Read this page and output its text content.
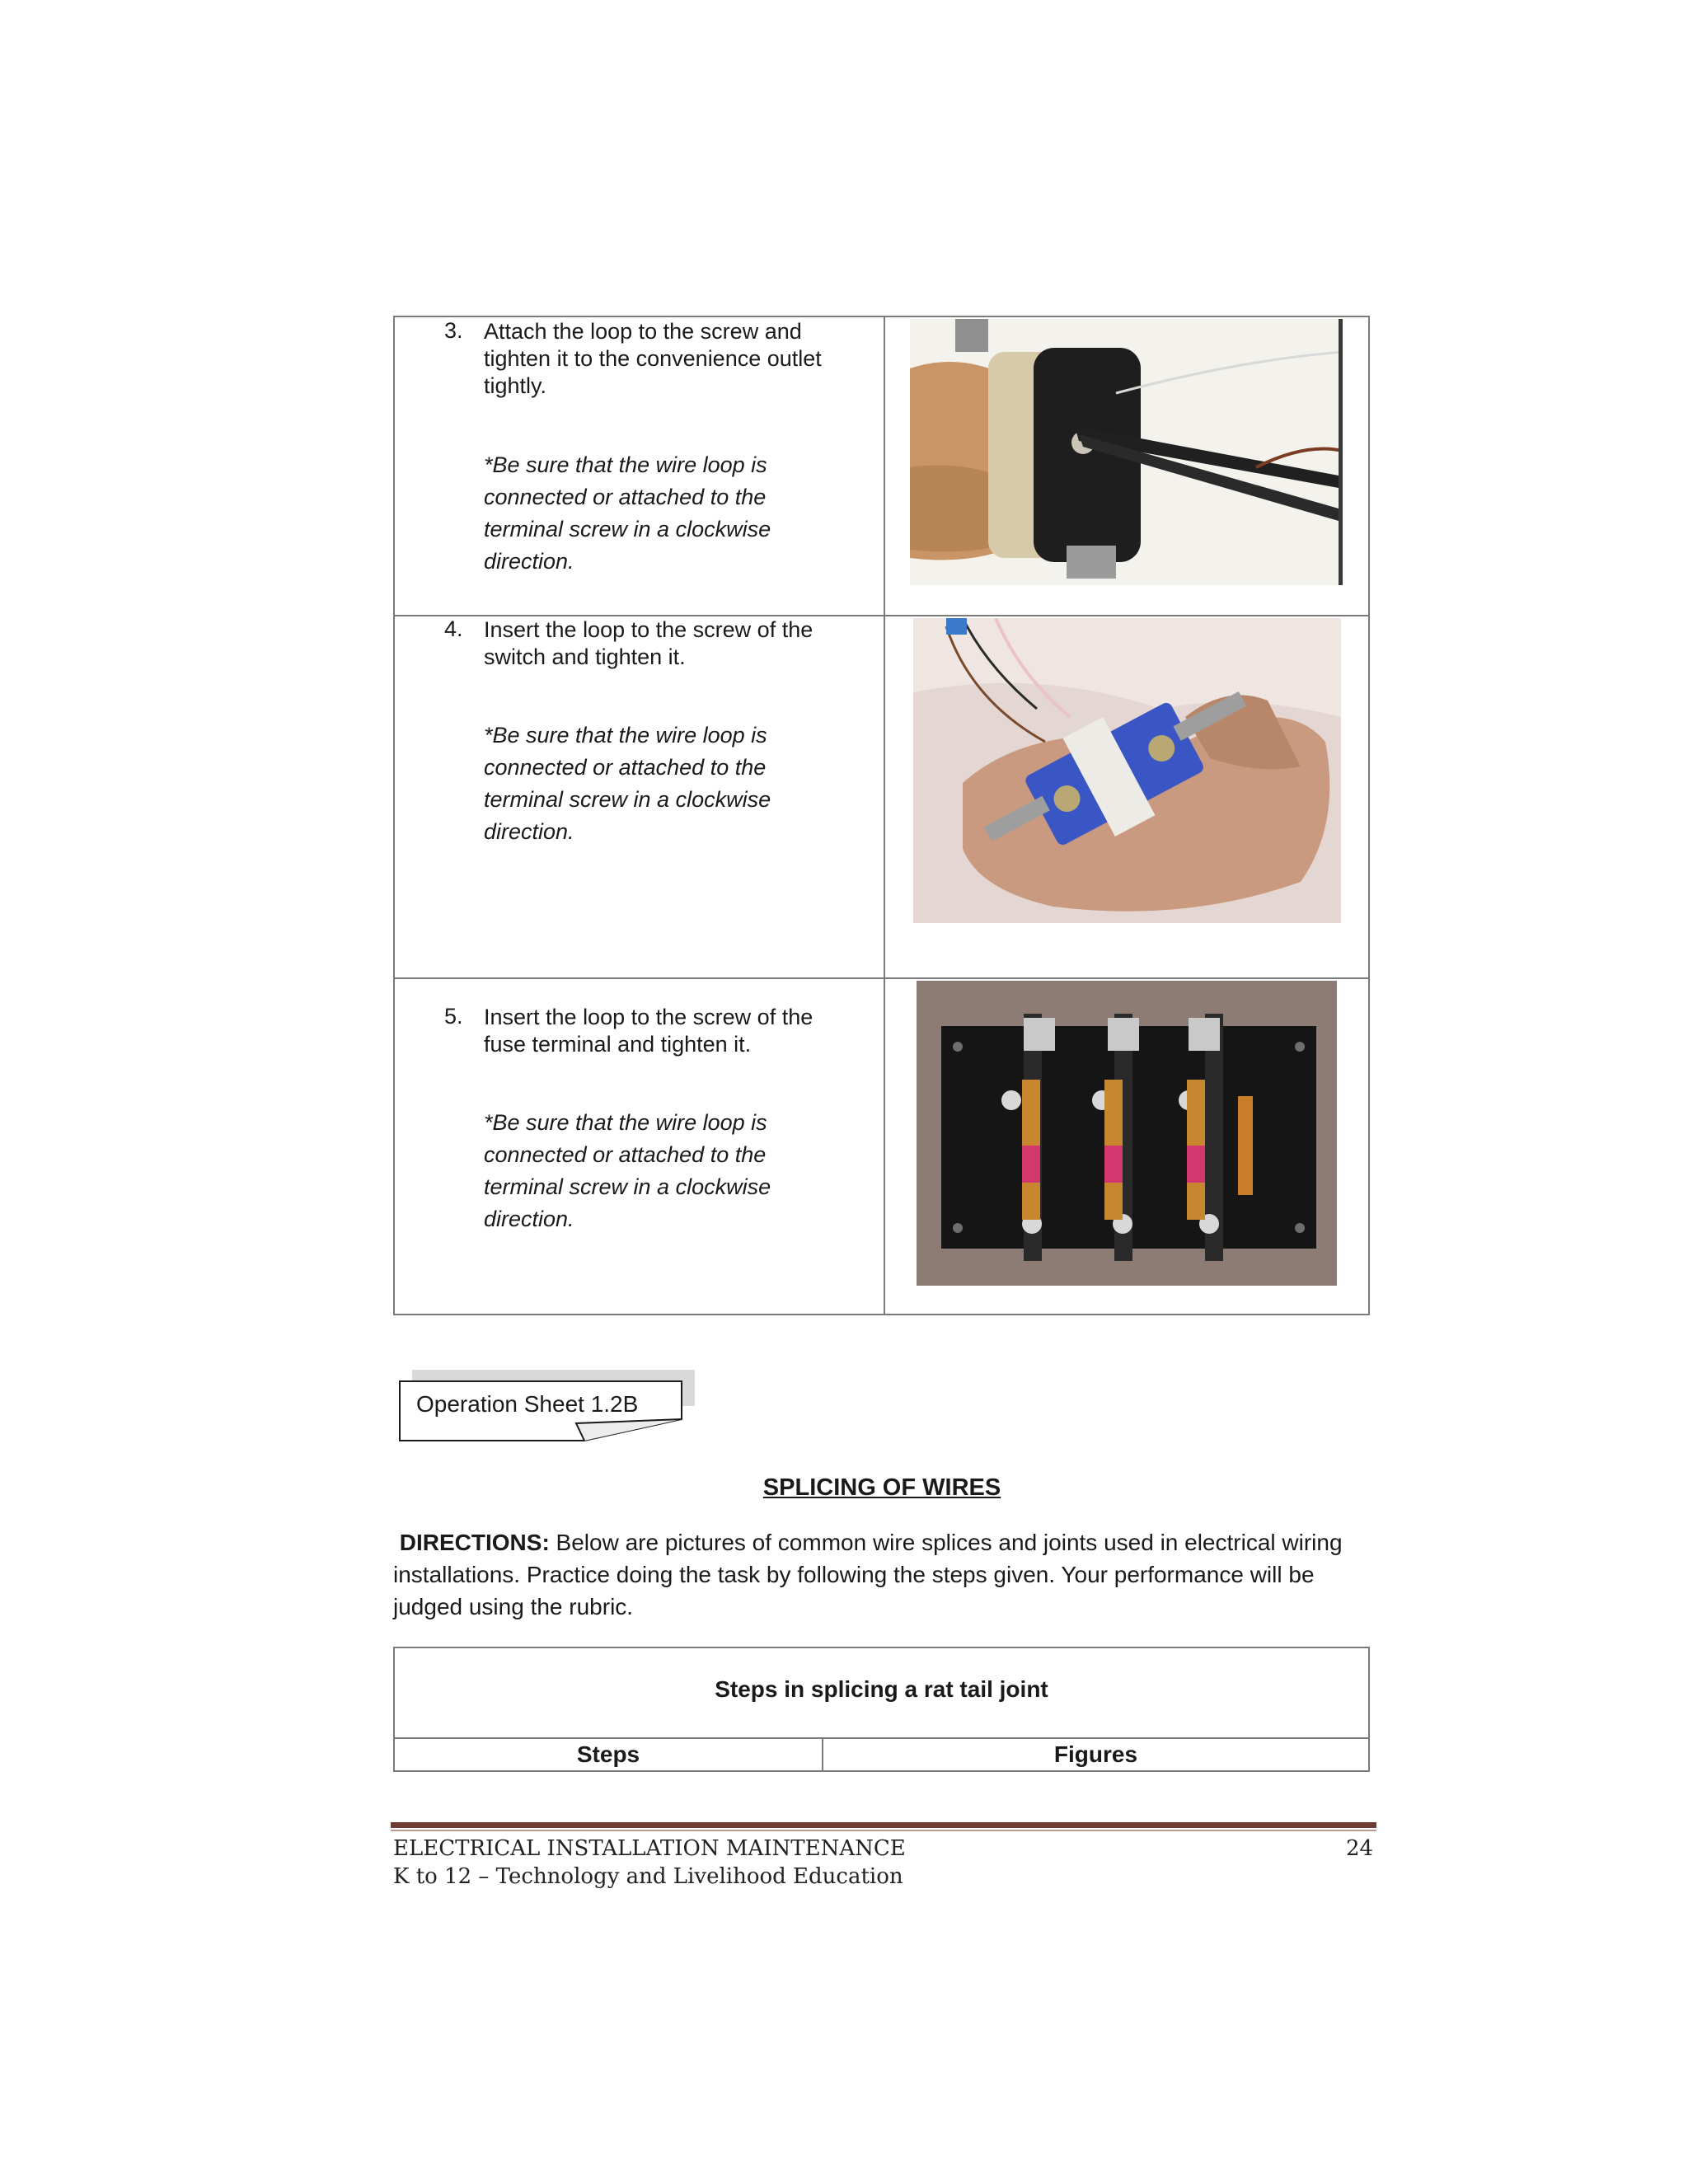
3. Attach the loop to the screw and
tighten it to the convenience outlet
tightly.
*Be sure that the wire loop is
connected or attached to the
terminal screw in a clockwise
direction.
4. Insert the loop to the screw of the
switch and tighten it.
*Be sure that the wire loop is
connected or attached to the
terminal screw in a clockwise
direction.
5. Insert the loop to the screw of the
fuse terminal and tighten it.
*Be sure that the wire loop is
connected or attached to the
terminal screw in a clockwise
direction.
Operation Sheet 1.2B
SPLICING OF WIRES
DIRECTIONS: Below are pictures of common wire splices and joints used in electrical wiring installations. Practice doing the task by following the steps given. Your performance will be judged using the rubric.
Steps in splicing a rat tail joint
Steps	Figures
ELECTRICAL INSTALLATION MAINTENANCE
K to 12 – Technology and Livelihood Education
24
